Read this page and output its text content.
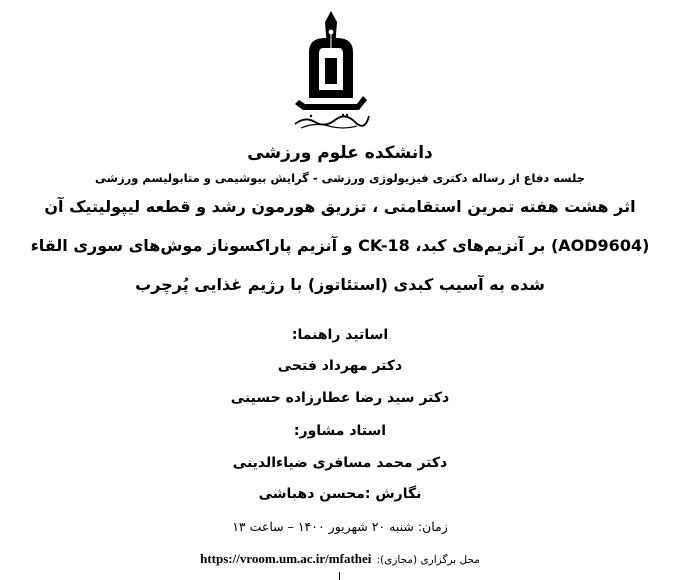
دانشکده علوم ورزشی
جلسه دفاع از رساله دکتری فیزیولوژی ورزشی - گرایش بیوشیمی و متابولیسم ورزشی
اثر هشت هفته تمرین استقامتی ، تزریق هورمون رشد و قطعه لیپولیتیک آن
(AOD9604) بر آنزیم‌های کبد، CK-18 و آنزیم پاراکسوناز موش‌های سوری القاء
شده به آسیب کبدی (استئاتوز) با رژیم غذایی پُرچرب
اساتید راهنما:
دکتر مهرداد فتحی
دکتر سید رضا عطارزاده حسینی
استاد مشاور:
دکتر محمد مسافری ضیاءالدینی
نگارش :محسن دهباشی
زمان: شنبه ۲۰ شهریور ۱۴۰۰ – ساعت ۱۳
محل برگزاری (مجازی): https://vroom.um.ac.ir/mfathei
